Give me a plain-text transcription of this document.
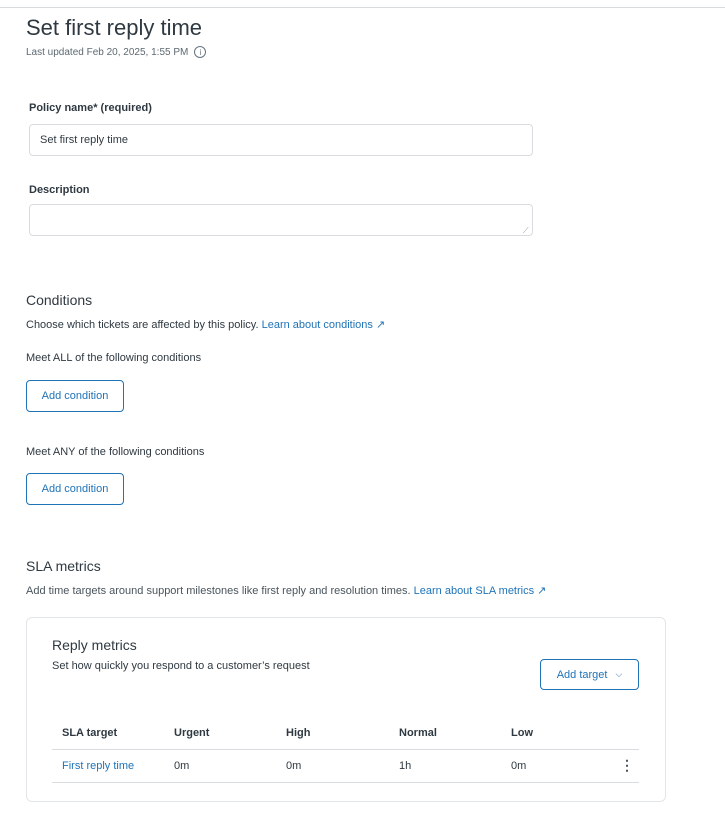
Set first reply time
Last updated Feb 20, 2025, 1:55 PM	i
Policy name* (required)
Set first reply time
Description
⟋
Conditions
Choose which tickets are affected by this policy. Learn about conditions ↗
Meet ALL of the following conditions
Add condition
Meet ANY of the following conditions
Add condition
SLA metrics
Add time targets around support milestones like first reply and resolution times. Learn about SLA metrics ↗
Reply metrics
Set how quickly you respond to a customer’s request
Add target ⌵
SLA target	Urgent	High	Normal	Low
First reply time	0m	0m	1h	0m	⋮
